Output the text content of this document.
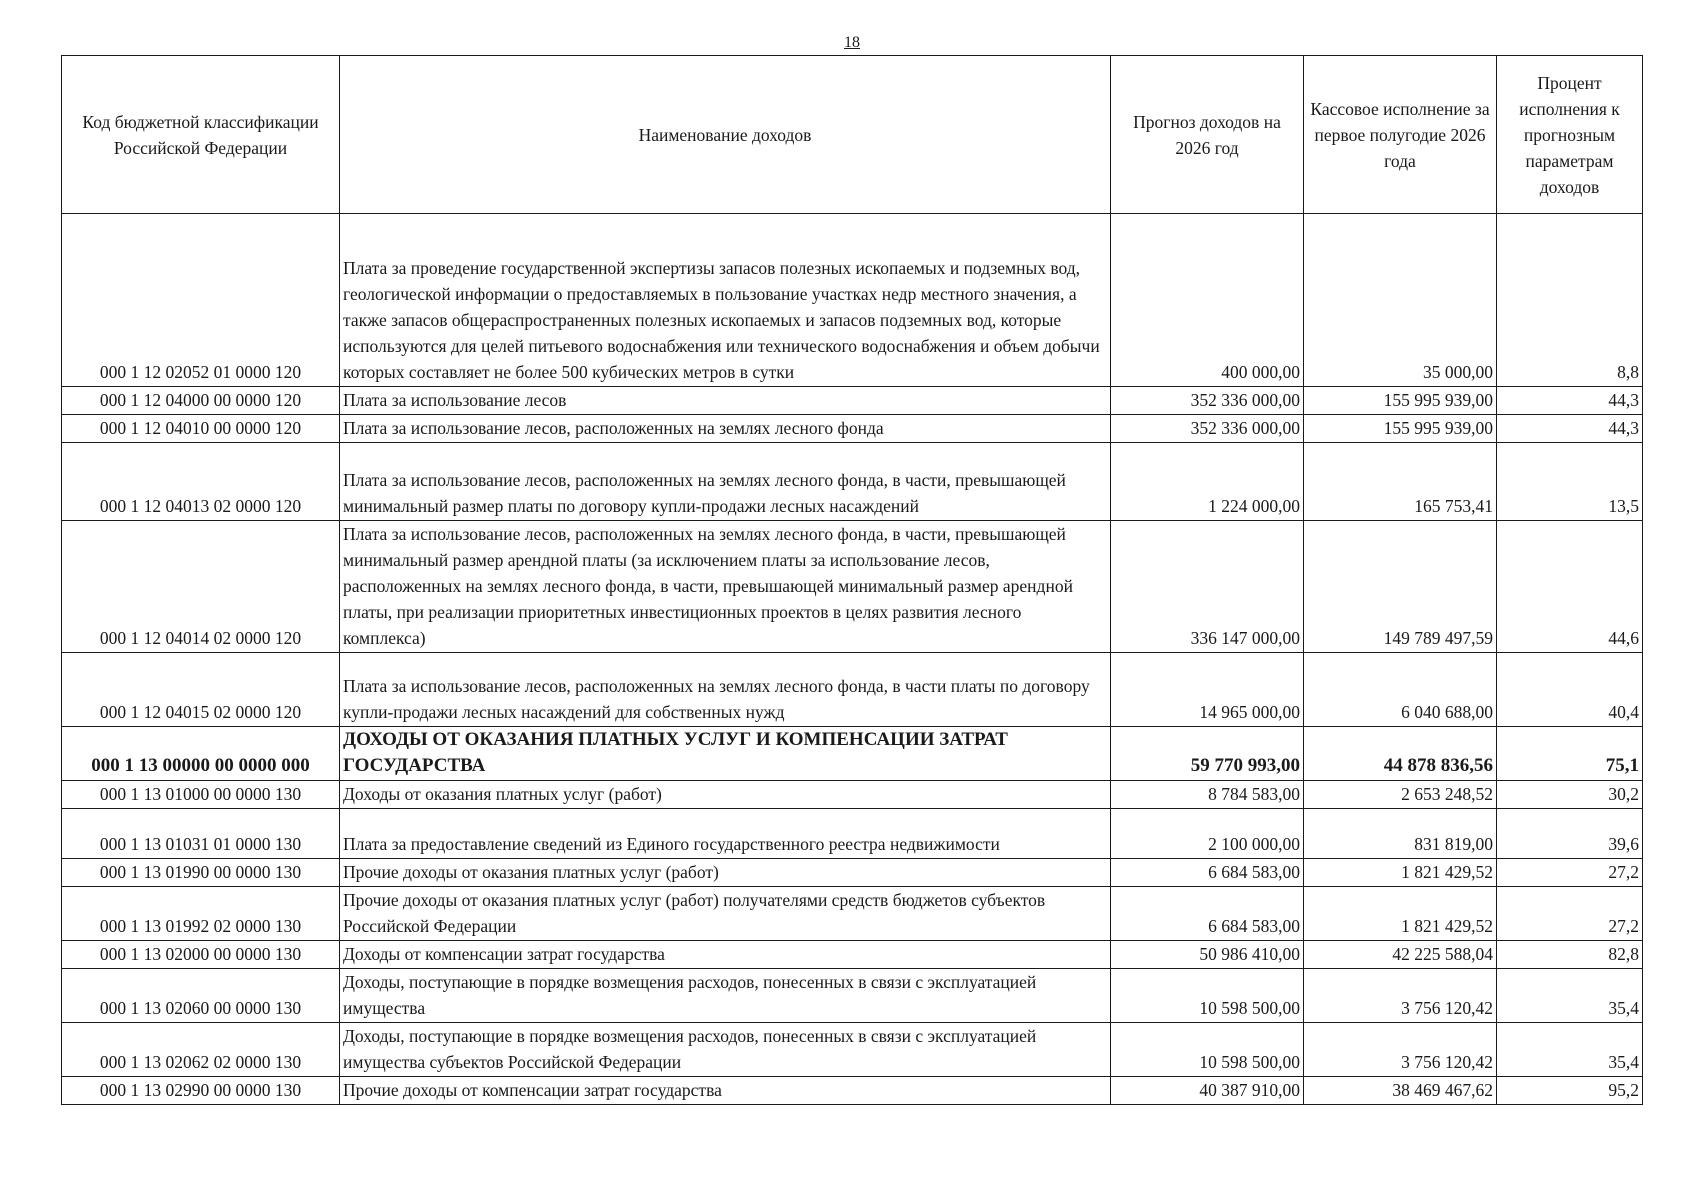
18
Код бюджетной классификации Российской Федерации	Наименование доходов	Прогноз доходов на 2026 год	Кассовое исполнение за первое полугодие 2026 года	Процент исполнения к прогнозным параметрам доходов
000 1 12 02052 01 0000 120	Плата за проведение государственной экспертизы запасов полезных ископаемых и подземных вод, геологической информации о предоставляемых в пользование участках недр местного значения, а также запасов общераспространенных полезных ископаемых и запасов подземных вод, которые используются для целей питьевого водоснабжения или технического водоснабжения и объем добычи которых составляет не более 500 кубических метров в сутки	400 000,00	35 000,00	8,8
000 1 12 04000 00 0000 120	Плата за использование лесов	352 336 000,00	155 995 939,00	44,3
000 1 12 04010 00 0000 120	Плата за использование лесов, расположенных на землях лесного фонда	352 336 000,00	155 995 939,00	44,3
000 1 12 04013 02 0000 120	Плата за использование лесов, расположенных на землях лесного фонда, в части, превышающей минимальный размер платы по договору купли-продажи лесных насаждений	1 224 000,00	165 753,41	13,5
000 1 12 04014 02 0000 120	Плата за использование лесов, расположенных на землях лесного фонда, в части, превышающей минимальный размер арендной платы (за исключением платы за использование лесов, расположенных на землях лесного фонда, в части, превышающей минимальный размер арендной платы, при реализации приоритетных инвестиционных проектов в целях развития лесного комплекса)	336 147 000,00	149 789 497,59	44,6
000 1 12 04015 02 0000 120	Плата за использование лесов, расположенных на землях лесного фонда, в части платы по договору купли-продажи лесных насаждений для собственных нужд	14 965 000,00	6 040 688,00	40,4
000 1 13 00000 00 0000 000	ДОХОДЫ ОТ ОКАЗАНИЯ ПЛАТНЫХ УСЛУГ И КОМПЕНСАЦИИ ЗАТРАТ ГОСУДАРСТВА	59 770 993,00	44 878 836,56	75,1
000 1 13 01000 00 0000 130	Доходы от оказания платных услуг (работ)	8 784 583,00	2 653 248,52	30,2
000 1 13 01031 01 0000 130	Плата за предоставление сведений из Единого государственного реестра недвижимости	2 100 000,00	831 819,00	39,6
000 1 13 01990 00 0000 130	Прочие доходы от оказания платных услуг (работ)	6 684 583,00	1 821 429,52	27,2
000 1 13 01992 02 0000 130	Прочие доходы от оказания платных услуг (работ) получателями средств бюджетов субъектов Российской Федерации	6 684 583,00	1 821 429,52	27,2
000 1 13 02000 00 0000 130	Доходы от компенсации затрат государства	50 986 410,00	42 225 588,04	82,8
000 1 13 02060 00 0000 130	Доходы, поступающие в порядке возмещения расходов, понесенных в связи с эксплуатацией имущества	10 598 500,00	3 756 120,42	35,4
000 1 13 02062 02 0000 130	Доходы, поступающие в порядке возмещения расходов, понесенных в связи с эксплуатацией имущества субъектов Российской Федерации	10 598 500,00	3 756 120,42	35,4
000 1 13 02990 00 0000 130	Прочие доходы от компенсации затрат государства	40 387 910,00	38 469 467,62	95,2
